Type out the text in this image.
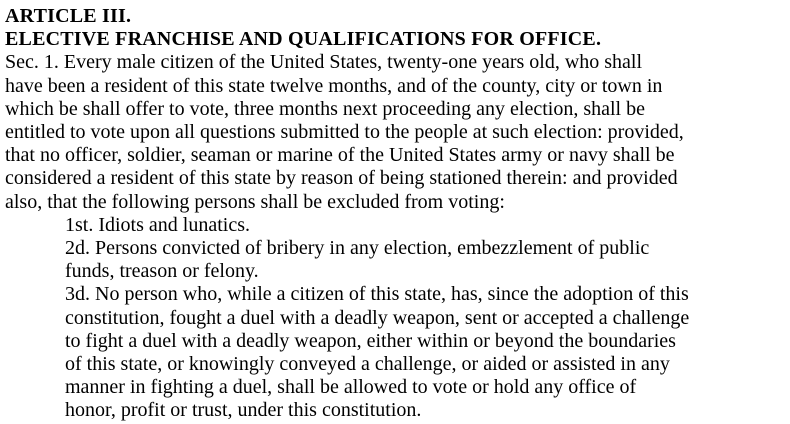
ARTICLE III.
ELECTIVE FRANCHISE AND QUALIFICATIONS FOR OFFICE.
Sec. 1. Every male citizen of the United States, twenty-one years old, who shall
have been a resident of this state twelve months, and of the county, city or town in
which be shall offer to vote, three months next proceeding any election, shall be
entitled to vote upon all questions submitted to the people at such election: provided,
that no officer, soldier, seaman or marine of the United States army or navy shall be
considered a resident of this state by reason of being stationed therein: and provided
also, that the following persons shall be excluded from voting:
1st. Idiots and lunatics.
2d. Persons convicted of bribery in any election, embezzlement of public
funds, treason or felony.
3d. No person who, while a citizen of this state, has, since the adoption of this
constitution, fought a duel with a deadly weapon, sent or accepted a challenge
to fight a duel with a deadly weapon, either within or beyond the boundaries
of this state, or knowingly conveyed a challenge, or aided or assisted in any
manner in fighting a duel, shall be allowed to vote or hold any office of
honor, profit or trust, under this constitution.
